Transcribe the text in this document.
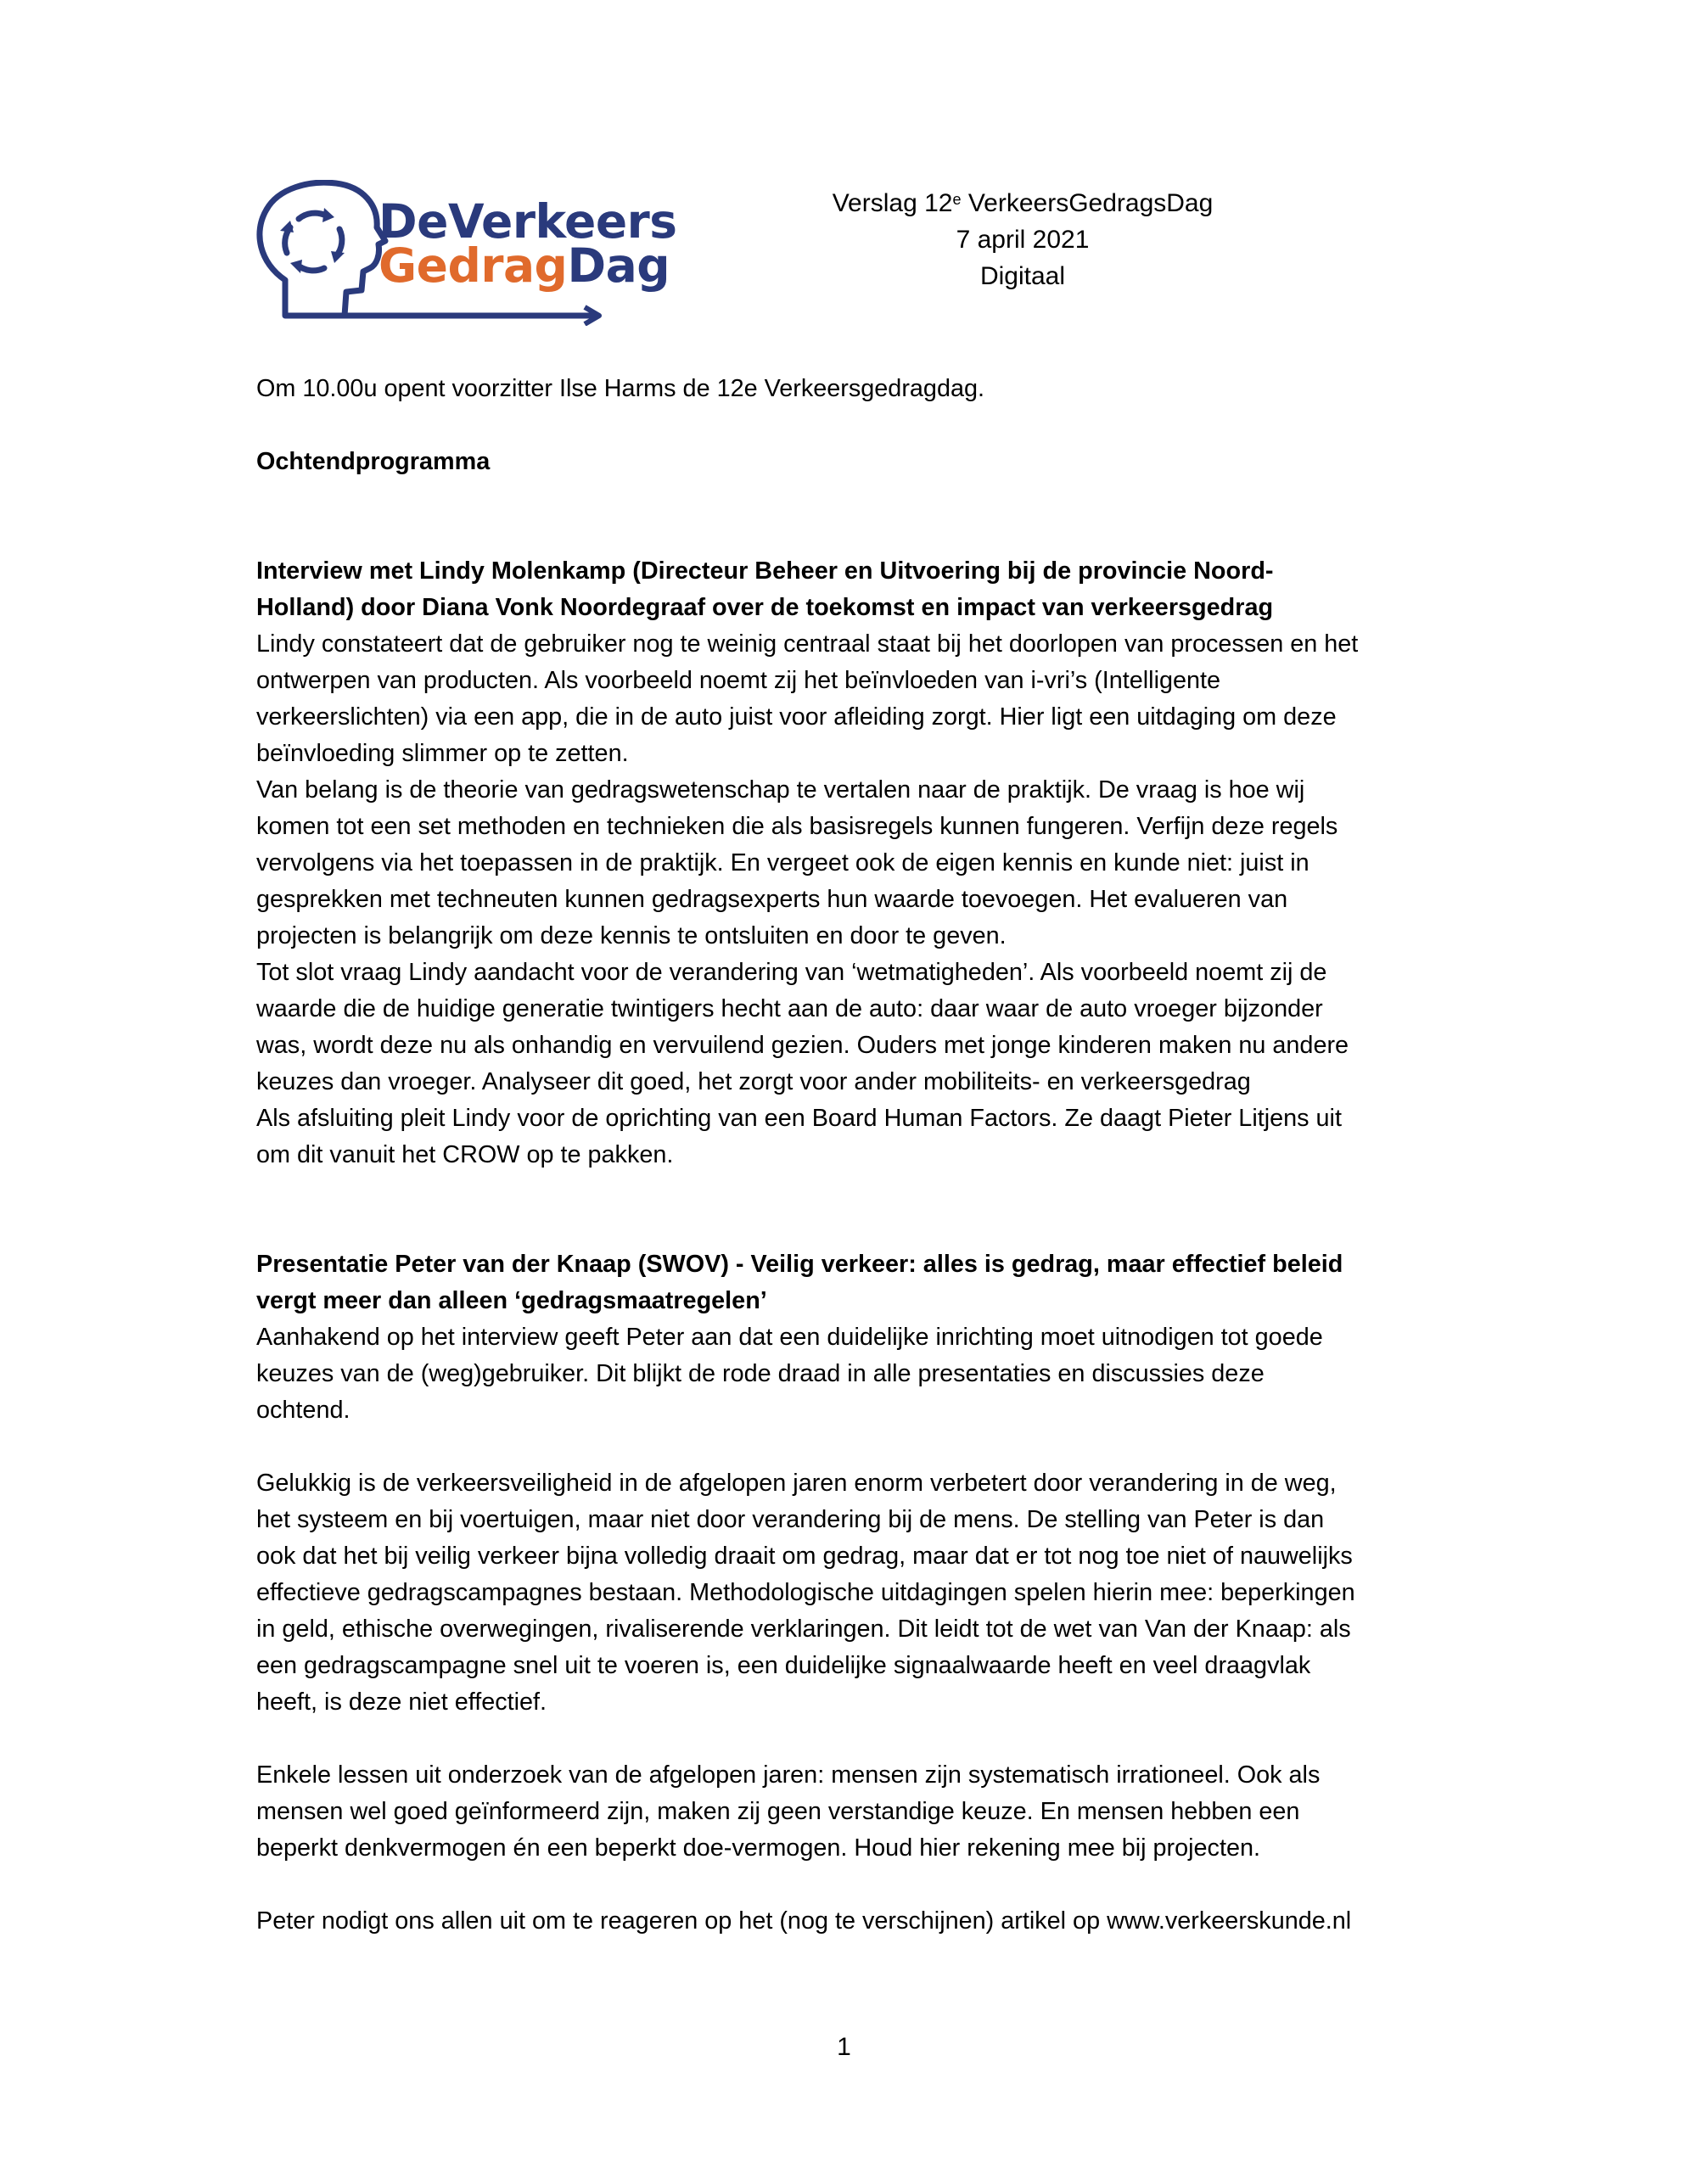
DeVerkeers
GedragDag

Verslag 12e VerkeersGedragsDag

7 april 2021

Digitaal

Om 10.00u opent voorzitter Ilse Harms de 12e Verkeersgedragdag.

Ochtendprogramma

Interview met Lindy Molenkamp (Directeur Beheer en Uitvoering bij de provincie Noord-

Holland) door Diana Vonk Noordegraaf over de toekomst en impact van verkeersgedrag

Lindy constateert dat de gebruiker nog te weinig centraal staat bij het doorlopen van processen en het

ontwerpen van producten. Als voorbeeld noemt zij het beïnvloeden van i-vri’s (Intelligente

verkeerslichten) via een app, die in de auto juist voor afleiding zorgt. Hier ligt een uitdaging om deze

beïnvloeding slimmer op te zetten.

Van belang is de theorie van gedragswetenschap te vertalen naar de praktijk. De vraag is hoe wij

komen tot een set methoden en technieken die als basisregels kunnen fungeren. Verfijn deze regels

vervolgens via het toepassen in de praktijk. En vergeet ook de eigen kennis en kunde niet: juist in

gesprekken met techneuten kunnen gedragsexperts hun waarde toevoegen. Het evalueren van

projecten is belangrijk om deze kennis te ontsluiten en door te geven.

Tot slot vraag Lindy aandacht voor de verandering van ‘wetmatigheden’. Als voorbeeld noemt zij de

waarde die de huidige generatie twintigers hecht aan de auto: daar waar de auto vroeger bijzonder

was, wordt deze nu als onhandig en vervuilend gezien. Ouders met jonge kinderen maken nu andere

keuzes dan vroeger. Analyseer dit goed, het zorgt voor ander mobiliteits- en verkeersgedrag

Als afsluiting pleit Lindy voor de oprichting van een Board Human Factors. Ze daagt Pieter Litjens uit

om dit vanuit het CROW op te pakken.

Presentatie Peter van der Knaap (SWOV) - Veilig verkeer: alles is gedrag, maar effectief beleid

vergt meer dan alleen ‘gedragsmaatregelen’

Aanhakend op het interview geeft Peter aan dat een duidelijke inrichting moet uitnodigen tot goede

keuzes van de (weg)gebruiker. Dit blijkt de rode draad in alle presentaties en discussies deze

ochtend.

Gelukkig is de verkeersveiligheid in de afgelopen jaren enorm verbetert door verandering in de weg,

het systeem en bij voertuigen, maar niet door verandering bij de mens. De stelling van Peter is dan

ook dat het bij veilig verkeer bijna volledig draait om gedrag, maar dat er tot nog toe niet of nauwelijks

effectieve gedragscampagnes bestaan. Methodologische uitdagingen spelen hierin mee: beperkingen

in geld, ethische overwegingen, rivaliserende verklaringen. Dit leidt tot de wet van Van der Knaap: als

een gedragscampagne snel uit te voeren is, een duidelijke signaalwaarde heeft en veel draagvlak

heeft, is deze niet effectief.

Enkele lessen uit onderzoek van de afgelopen jaren: mensen zijn systematisch irrationeel. Ook als

mensen wel goed geïnformeerd zijn, maken zij geen verstandige keuze. En mensen hebben een

beperkt denkvermogen én een beperkt doe-vermogen. Houd hier rekening mee bij projecten.

Peter nodigt ons allen uit om te reageren op het (nog te verschijnen) artikel op www.verkeerskunde.nl

1
